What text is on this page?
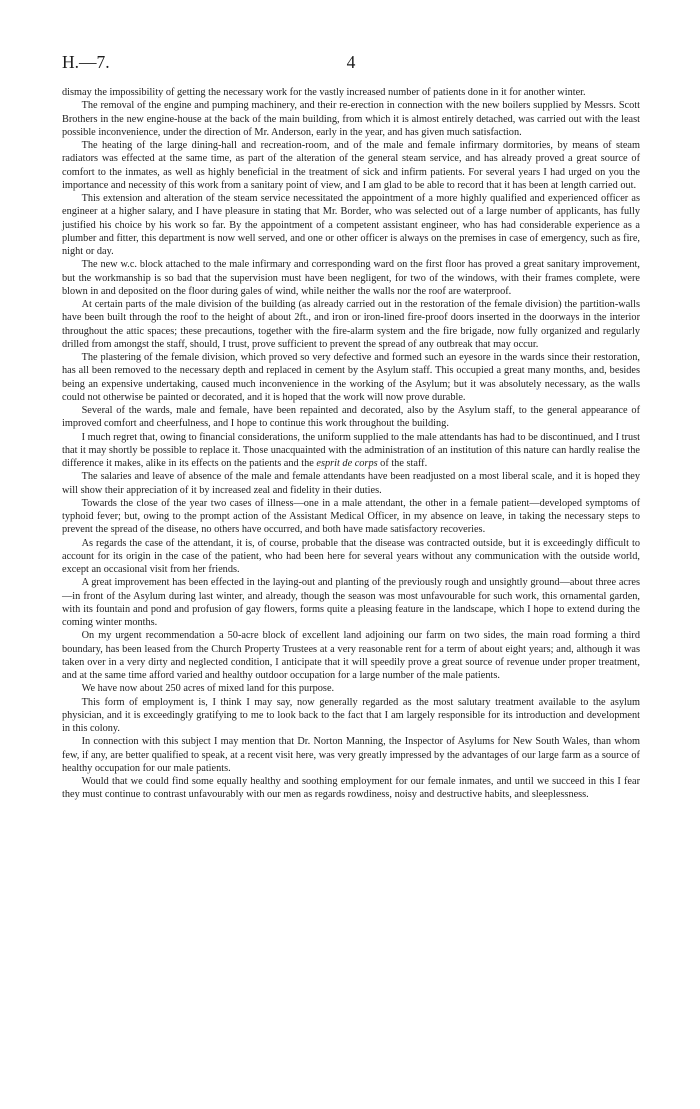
H.—7.	4

dismay the impossibility of getting the necessary work for the vastly increased number of patients done in it for another winter.

The removal of the engine and pumping machinery, and their re-erection in connection with the new boilers supplied by Messrs. Scott Brothers in the new engine-house at the back of the main building, from which it is almost entirely detached, was carried out with the least possible inconvenience, under the direction of Mr. Anderson, early in the year, and has given much satisfaction.

The heating of the large dining-hall and recreation-room, and of the male and female infirmary dormitories, by means of steam radiators was effected at the same time, as part of the alteration of the general steam service, and has already proved a great source of comfort to the inmates, as well as highly beneficial in the treatment of sick and infirm patients. For several years I had urged on you the importance and necessity of this work from a sanitary point of view, and I am glad to be able to record that it has been at length carried out.

This extension and alteration of the steam service necessitated the appointment of a more highly qualified and experienced officer as engineer at a higher salary, and I have pleasure in stating that Mr. Border, who was selected out of a large number of applicants, has fully justified his choice by his work so far. By the appointment of a competent assistant engineer, who has had considerable experience as a plumber and fitter, this department is now well served, and one or other officer is always on the premises in case of emergency, such as fire, night or day.

The new w.c. block attached to the male infirmary and corresponding ward on the first floor has proved a great sanitary improvement, but the workmanship is so bad that the supervision must have been negligent, for two of the windows, with their frames complete, were blown in and deposited on the floor during gales of wind, while neither the walls nor the roof are waterproof.

At certain parts of the male division of the building (as already carried out in the restoration of the female division) the partition-walls have been built through the roof to the height of about 2ft., and iron or iron-lined fire-proof doors inserted in the doorways in the interior throughout the attic spaces; these precautions, together with the fire-alarm system and the fire brigade, now fully organized and regularly drilled from amongst the staff, should, I trust, prove sufficient to prevent the spread of any outbreak that may occur.

The plastering of the female division, which proved so very defective and formed such an eyesore in the wards since their restoration, has all been removed to the necessary depth and replaced in cement by the Asylum staff. This occupied a great many months, and, besides being an expensive undertaking, caused much inconvenience in the working of the Asylum; but it was absolutely necessary, as the walls could not otherwise be painted or decorated, and it is hoped that the work will now prove durable.

Several of the wards, male and female, have been repainted and decorated, also by the Asylum staff, to the general appearance of improved comfort and cheerfulness, and I hope to continue this work throughout the building.

I much regret that, owing to financial considerations, the uniform supplied to the male attendants has had to be discontinued, and I trust that it may shortly be possible to replace it. Those unacquainted with the administration of an institution of this nature can hardly realise the difference it makes, alike in its effects on the patients and the esprit de corps of the staff.

The salaries and leave of absence of the male and female attendants have been readjusted on a most liberal scale, and it is hoped they will show their appreciation of it by increased zeal and fidelity in their duties.

Towards the close of the year two cases of illness—one in a male attendant, the other in a female patient—developed symptoms of typhoid fever; but, owing to the prompt action of the Assistant Medical Officer, in my absence on leave, in taking the necessary steps to prevent the spread of the disease, no others have occurred, and both have made satisfactory recoveries.

As regards the case of the attendant, it is, of course, probable that the disease was contracted outside, but it is exceedingly difficult to account for its origin in the case of the patient, who had been here for several years without any communication with the outside world, except an occasional visit from her friends.

A great improvement has been effected in the laying-out and planting of the previously rough and unsightly ground—about three acres—in front of the Asylum during last winter, and already, though the season was most unfavourable for such work, this ornamental garden, with its fountain and pond and profusion of gay flowers, forms quite a pleasing feature in the landscape, which I hope to extend during the coming winter months.

On my urgent recommendation a 50-acre block of excellent land adjoining our farm on two sides, the main road forming a third boundary, has been leased from the Church Property Trustees at a very reasonable rent for a term of about eight years; and, although it was taken over in a very dirty and neglected condition, I anticipate that it will speedily prove a great source of revenue under proper treatment, and at the same time afford varied and healthy outdoor occupation for a large number of the male patients.

We have now about 250 acres of mixed land for this purpose.

This form of employment is, I think I may say, now generally regarded as the most salutary treatment available to the asylum physician, and it is exceedingly gratifying to me to look back to the fact that I am largely responsible for its introduction and development in this colony.

In connection with this subject I may mention that Dr. Norton Manning, the Inspector of Asylums for New South Wales, than whom few, if any, are better qualified to speak, at a recent visit here, was very greatly impressed by the advantages of our large farm as a source of healthy occupation for our male patients.

Would that we could find some equally healthy and soothing employment for our female inmates, and until we succeed in this I fear they must continue to contrast unfavourably with our men as regards rowdiness, noisy and destructive habits, and sleeplessness.
